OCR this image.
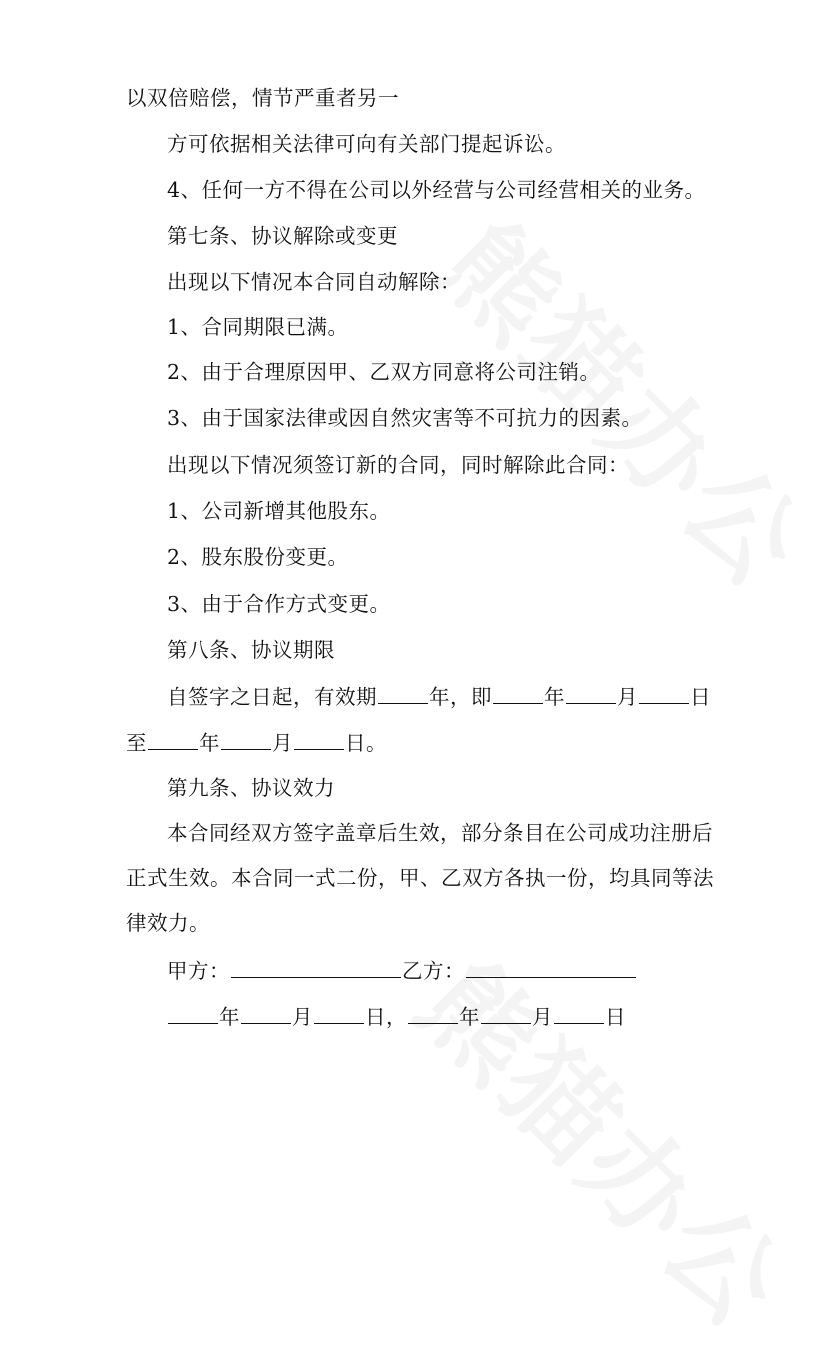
以双倍赔偿，情节严重者另一
方可依据相关法律可向有关部门提起诉讼。
4、任何一方不得在公司以外经营与公司经营相关的业务。
第七条、协议解除或变更
出现以下情况本合同自动解除：
1、合同期限已满。
2、由于合理原因甲、乙双方同意将公司注销。
3、由于国家法律或因自然灾害等不可抗力的因素。
出现以下情况须签订新的合同，同时解除此合同：
1、公司新增其他股东。
2、股东股份变更。
3、由于合作方式变更。
第八条、协议期限
自签字之日起，有效期	年，即	年	月	日
至	年	月	日。
第九条、协议效力
本合同经双方签字盖章后生效，部分条目在公司成功注册后
正式生效。本合同一式二份，甲、乙双方各执一份，均具同等法
律效力。
甲方：	乙方：
年	月	日，	年	月	日
